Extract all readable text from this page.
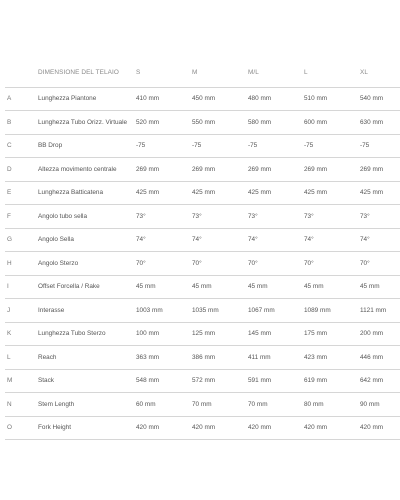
	DIMENSIONE DEL TELAIO	S	M	M/L	L	XL
A	Lunghezza Piantone	410 mm	450 mm	480 mm	510 mm	540 mm
B	Lunghezza Tubo Orizz. Virtuale	520 mm	550 mm	580 mm	600 mm	630 mm
C	BB Drop	-75	-75	-75	-75	-75
D	Altezza movimento centrale	269 mm	269 mm	269 mm	269 mm	269 mm
E	Lunghezza Batticatena	425 mm	425 mm	425 mm	425 mm	425 mm
F	Angolo tubo sella	73°	73°	73°	73°	73°
G	Angolo Sella	74°	74°	74°	74°	74°
H	Angolo Sterzo	70°	70°	70°	70°	70°
I	Offset Forcella / Rake	45 mm	45 mm	45 mm	45 mm	45 mm
J	Interasse	1003 mm	1035 mm	1067 mm	1089 mm	1121 mm
K	Lunghezza Tubo Sterzo	100 mm	125 mm	145 mm	175 mm	200 mm
L	Reach	363 mm	386 mm	411 mm	423 mm	446 mm
M	Stack	548 mm	572 mm	591 mm	619 mm	642 mm
N	Stem Length	60 mm	70 mm	70 mm	80 mm	90 mm
O	Fork Height	420 mm	420 mm	420 mm	420 mm	420 mm
